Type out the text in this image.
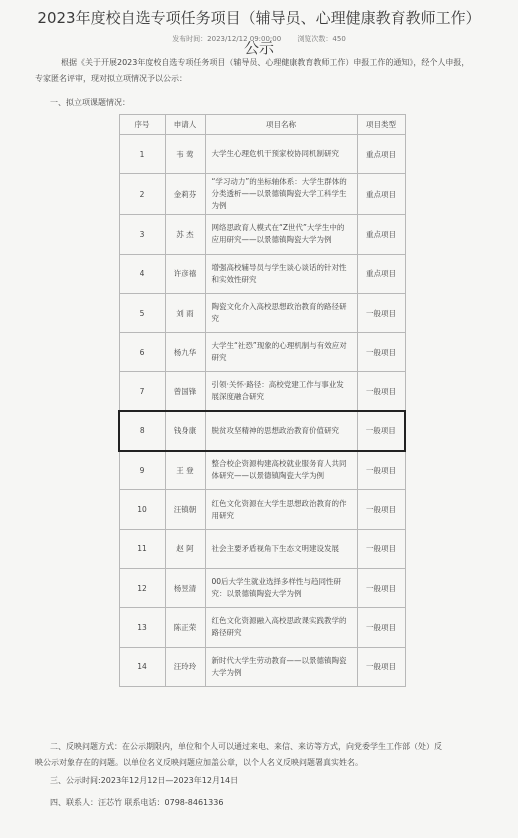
2023年度校自选专项任务项目（辅导员、心理健康教育教师工作）
发布时间：2023/12/12 09:00:00 浏览次数：450
公示
根据《关于开展2023年度校自选专项任务项目（辅导员、心理健康教育教师工作）申报工作的通知》，经个人申报，
专家匿名评审，现对拟立项情况予以公示：
一、拟立项课题情况：
序号	申请人	项目名称	项目类型
1	韦 莺	大学生心理危机干预家校协同机制研究	重点项目
2	金莉芬	“学习动力”的坐标轴体系：大学生群体的分类透析——以景德镇陶瓷大学工科学生为例	重点项目
3	苏 杰	网络思政育人模式在“Z世代”大学生中的应用研究——以景德镇陶瓷大学为例	重点项目
4	许彦禧	增强高校辅导员与学生谈心谈话的针对性和实效性研究	重点项目
5	刘 雨	陶瓷文化介入高校思想政治教育的路径研究	一般项目
6	杨九华	大学生“社恐”现象的心理机制与有效应对研究	一般项目
7	曾国锋	引领·关怀·路径：高校党建工作与事业发展深度融合研究	一般项目
8	钱身康	脱贫攻坚精神的思想政治教育价值研究	一般项目
9	王 登	整合校企资源构建高校就业服务育人共同体研究——以景德镇陶瓷大学为例	一般项目
10	汪镇朝	红色文化资源在大学生思想政治教育的作用研究	一般项目
11	赵 阿	社会主要矛盾视角下生态文明建设发展	一般项目
12	杨昱清	00后大学生就业选择多样性与趋同性研究：以景德镇陶瓷大学为例	一般项目
13	陈正荣	红色文化资源融入高校思政课实践教学的路径研究	一般项目
14	汪玲玲	新时代大学生劳动教育——以景德镇陶瓷大学为例	一般项目
二、反映问题方式：在公示期限内，单位和个人可以通过来电、来信、来访等方式，向党委学生工作部（处）反
映公示对象存在的问题。以单位名义反映问题应加盖公章，以个人名义反映问题署真实姓名。
三、公示时间:2023年12月12日—2023年12月14日
四、联系人：汪芯竹 联系电话：0798-8461336
